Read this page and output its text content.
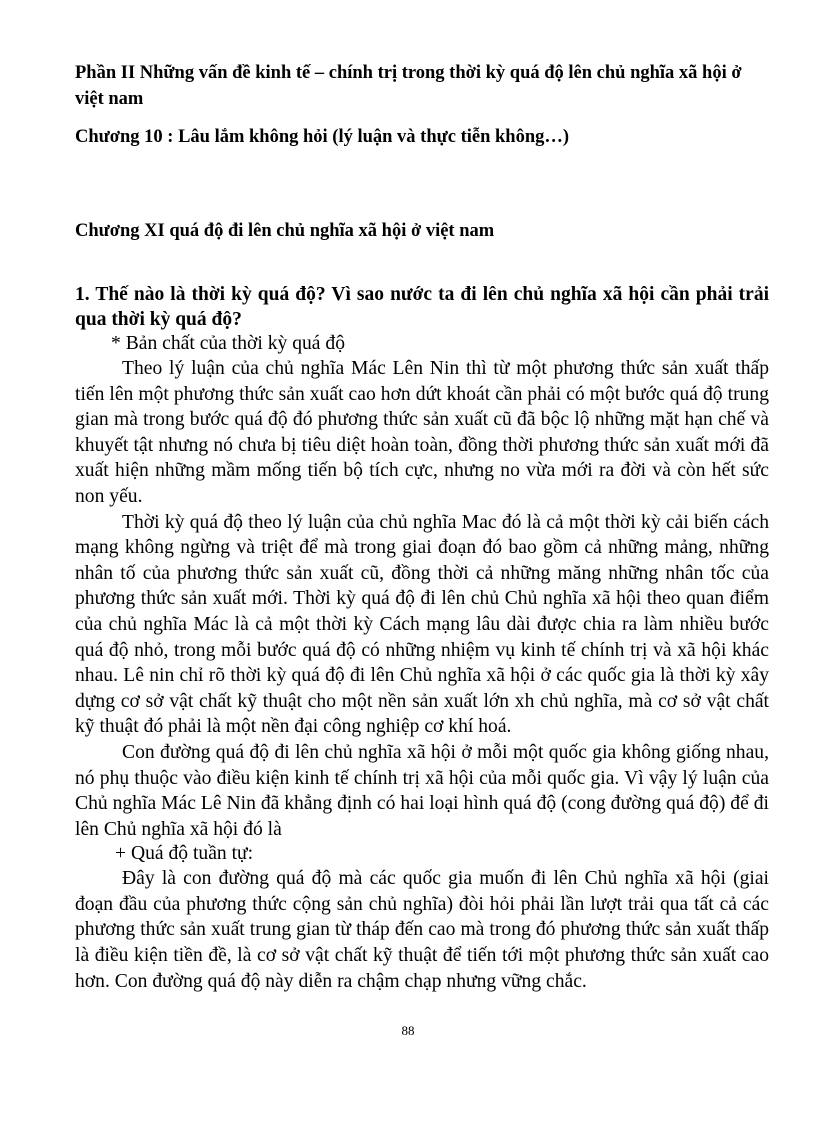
Phần II Những vấn đề kinh tế – chính trị trong thời kỳ quá độ lên chủ nghĩa xã hội ở việt nam

Chương 10 : Lâu lắm không hỏi (lý luận và thực tiễn không…)

Chương XI quá độ đi lên chủ nghĩa xã hội ở việt nam

1. Thế nào là thời kỳ quá độ? Vì sao nước ta đi lên chủ nghĩa xã hội cần phải trải qua thời kỳ quá độ?

* Bản chất của thời kỳ quá độ

Theo lý luận của chủ nghĩa Mác Lên Nin thì từ một phương thức sản xuất thấp tiến lên một phương thức sản xuất cao hơn dứt khoát cần phải có một bước quá độ trung gian mà trong bước quá độ đó phương thức sản xuất cũ đã bộc lộ những mặt hạn chế và khuyết tật nhưng nó chưa bị tiêu diệt hoàn toàn, đồng thời phương thức sản xuất mới đã xuất hiện những mầm mống tiến bộ tích cực, nhưng no vừa mới ra đời và còn hết sức non yếu.

Thời kỳ quá độ theo lý luận của chủ nghĩa Mac đó là cả một thời kỳ cải biến cách mạng không ngừng và triệt để mà trong giai đoạn đó bao gồm cả những mảng, những nhân tố của phương thức sản xuất cũ, đồng thời cả những măng những nhân tốc của phương thức sản xuất mới. Thời kỳ quá độ đi lên chủ Chủ nghĩa xã hội theo quan điểm của chủ nghĩa Mác là cả một thời kỳ Cách mạng lâu dài được chia ra làm nhiều bước quá độ nhỏ, trong mỗi bước quá độ có những nhiệm vụ kinh tế chính trị và xã hội khác nhau. Lê nin chỉ rõ thời kỳ quá độ đi lên Chủ nghĩa xã hội ở các quốc gia là thời kỳ xây dựng cơ sở vật chất kỹ thuật cho một nền sản xuất lớn xh chủ nghĩa, mà cơ sở vật chất kỹ thuật đó phải là một nền đại công nghiệp cơ khí hoá.

Con đường quá độ đi lên chủ nghĩa xã hội ở mỗi một quốc gia không giống nhau, nó phụ thuộc vào điều kiện kinh tế chính trị xã hội của mỗi quốc gia. Vì vậy lý luận của Chủ nghĩa Mác Lê Nin đã khẳng định có hai loại hình quá độ (cong đường quá độ) để đi lên Chủ nghĩa xã hội đó là

+ Quá độ tuần tự:

Đây là con đường quá độ mà các quốc gia muốn đi lên Chủ nghĩa xã hội (giai đoạn đầu của phương thức cộng sản chủ nghĩa) đòi hỏi phải lần lượt trải qua tất cả các phương thức sản xuất trung gian từ tháp đến cao mà trong đó phương thức sản xuất thấp là điều kiện tiền đề, là cơ sở vật chất kỹ thuật để tiến tới một phương thức sản xuất cao hơn. Con đường quá độ này diễn ra chậm chạp nhưng vững chắc.

88
